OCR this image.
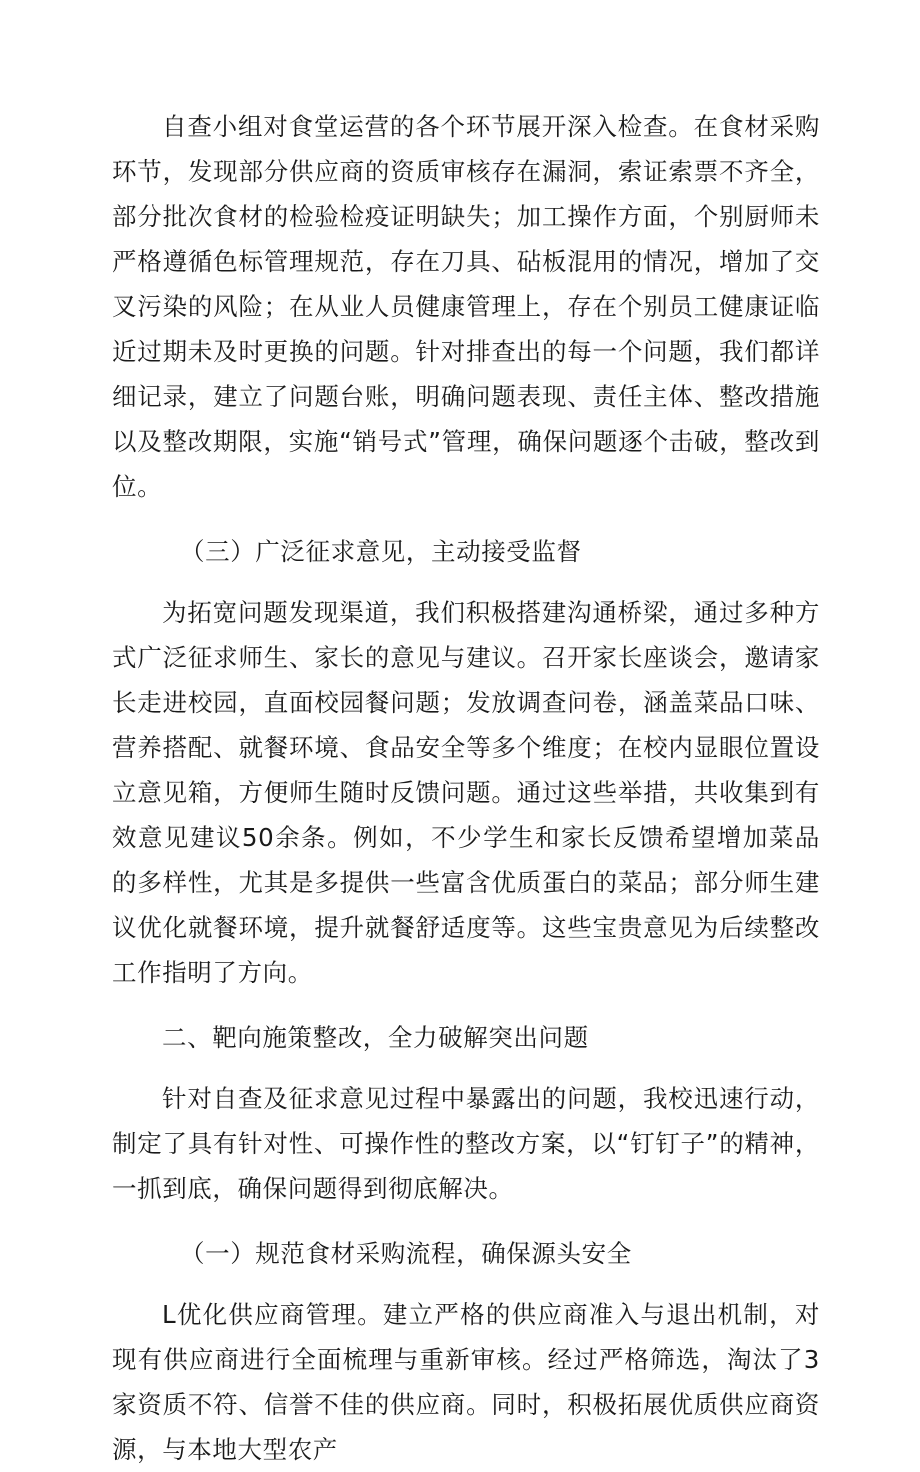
自查小组对食堂运营的各个环节展开深入检查。在食材采购环节，发现部分供应商的资质审核存在漏洞，索证索票不齐全，部分批次食材的检验检疫证明缺失；加工操作方面，个别厨师未严格遵循色标管理规范，存在刀具、砧板混用的情况，增加了交叉污染的风险；在从业人员健康管理上，存在个别员工健康证临近过期未及时更换的问题。针对排查出的每一个问题，我们都详细记录，建立了问题台账，明确问题表现、责任主体、整改措施以及整改期限，实施“销号式”管理，确保问题逐个击破，整改到位。

（三）广泛征求意见，主动接受监督

为拓宽问题发现渠道，我们积极搭建沟通桥梁，通过多种方式广泛征求师生、家长的意见与建议。召开家长座谈会，邀请家长走进校园，直面校园餐问题；发放调查问卷，涵盖菜品口味、营养搭配、就餐环境、食品安全等多个维度；在校内显眼位置设立意见箱，方便师生随时反馈问题。通过这些举措，共收集到有效意见建议50余条。例如，不少学生和家长反馈希望增加菜品的多样性，尤其是多提供一些富含优质蛋白的菜品；部分师生建议优化就餐环境，提升就餐舒适度等。这些宝贵意见为后续整改工作指明了方向。

二、靶向施策整改，全力破解突出问题

针对自查及征求意见过程中暴露出的问题，我校迅速行动，制定了具有针对性、可操作性的整改方案，以“钉钉子”的精神，一抓到底，确保问题得到彻底解决。

（一）规范食材采购流程，确保源头安全

L优化供应商管理。建立严格的供应商准入与退出机制，对现有供应商进行全面梳理与重新审核。经过严格筛选，淘汰了3家资质不符、信誉不佳的供应商。同时，积极拓展优质供应商资源，与本地大型农产
